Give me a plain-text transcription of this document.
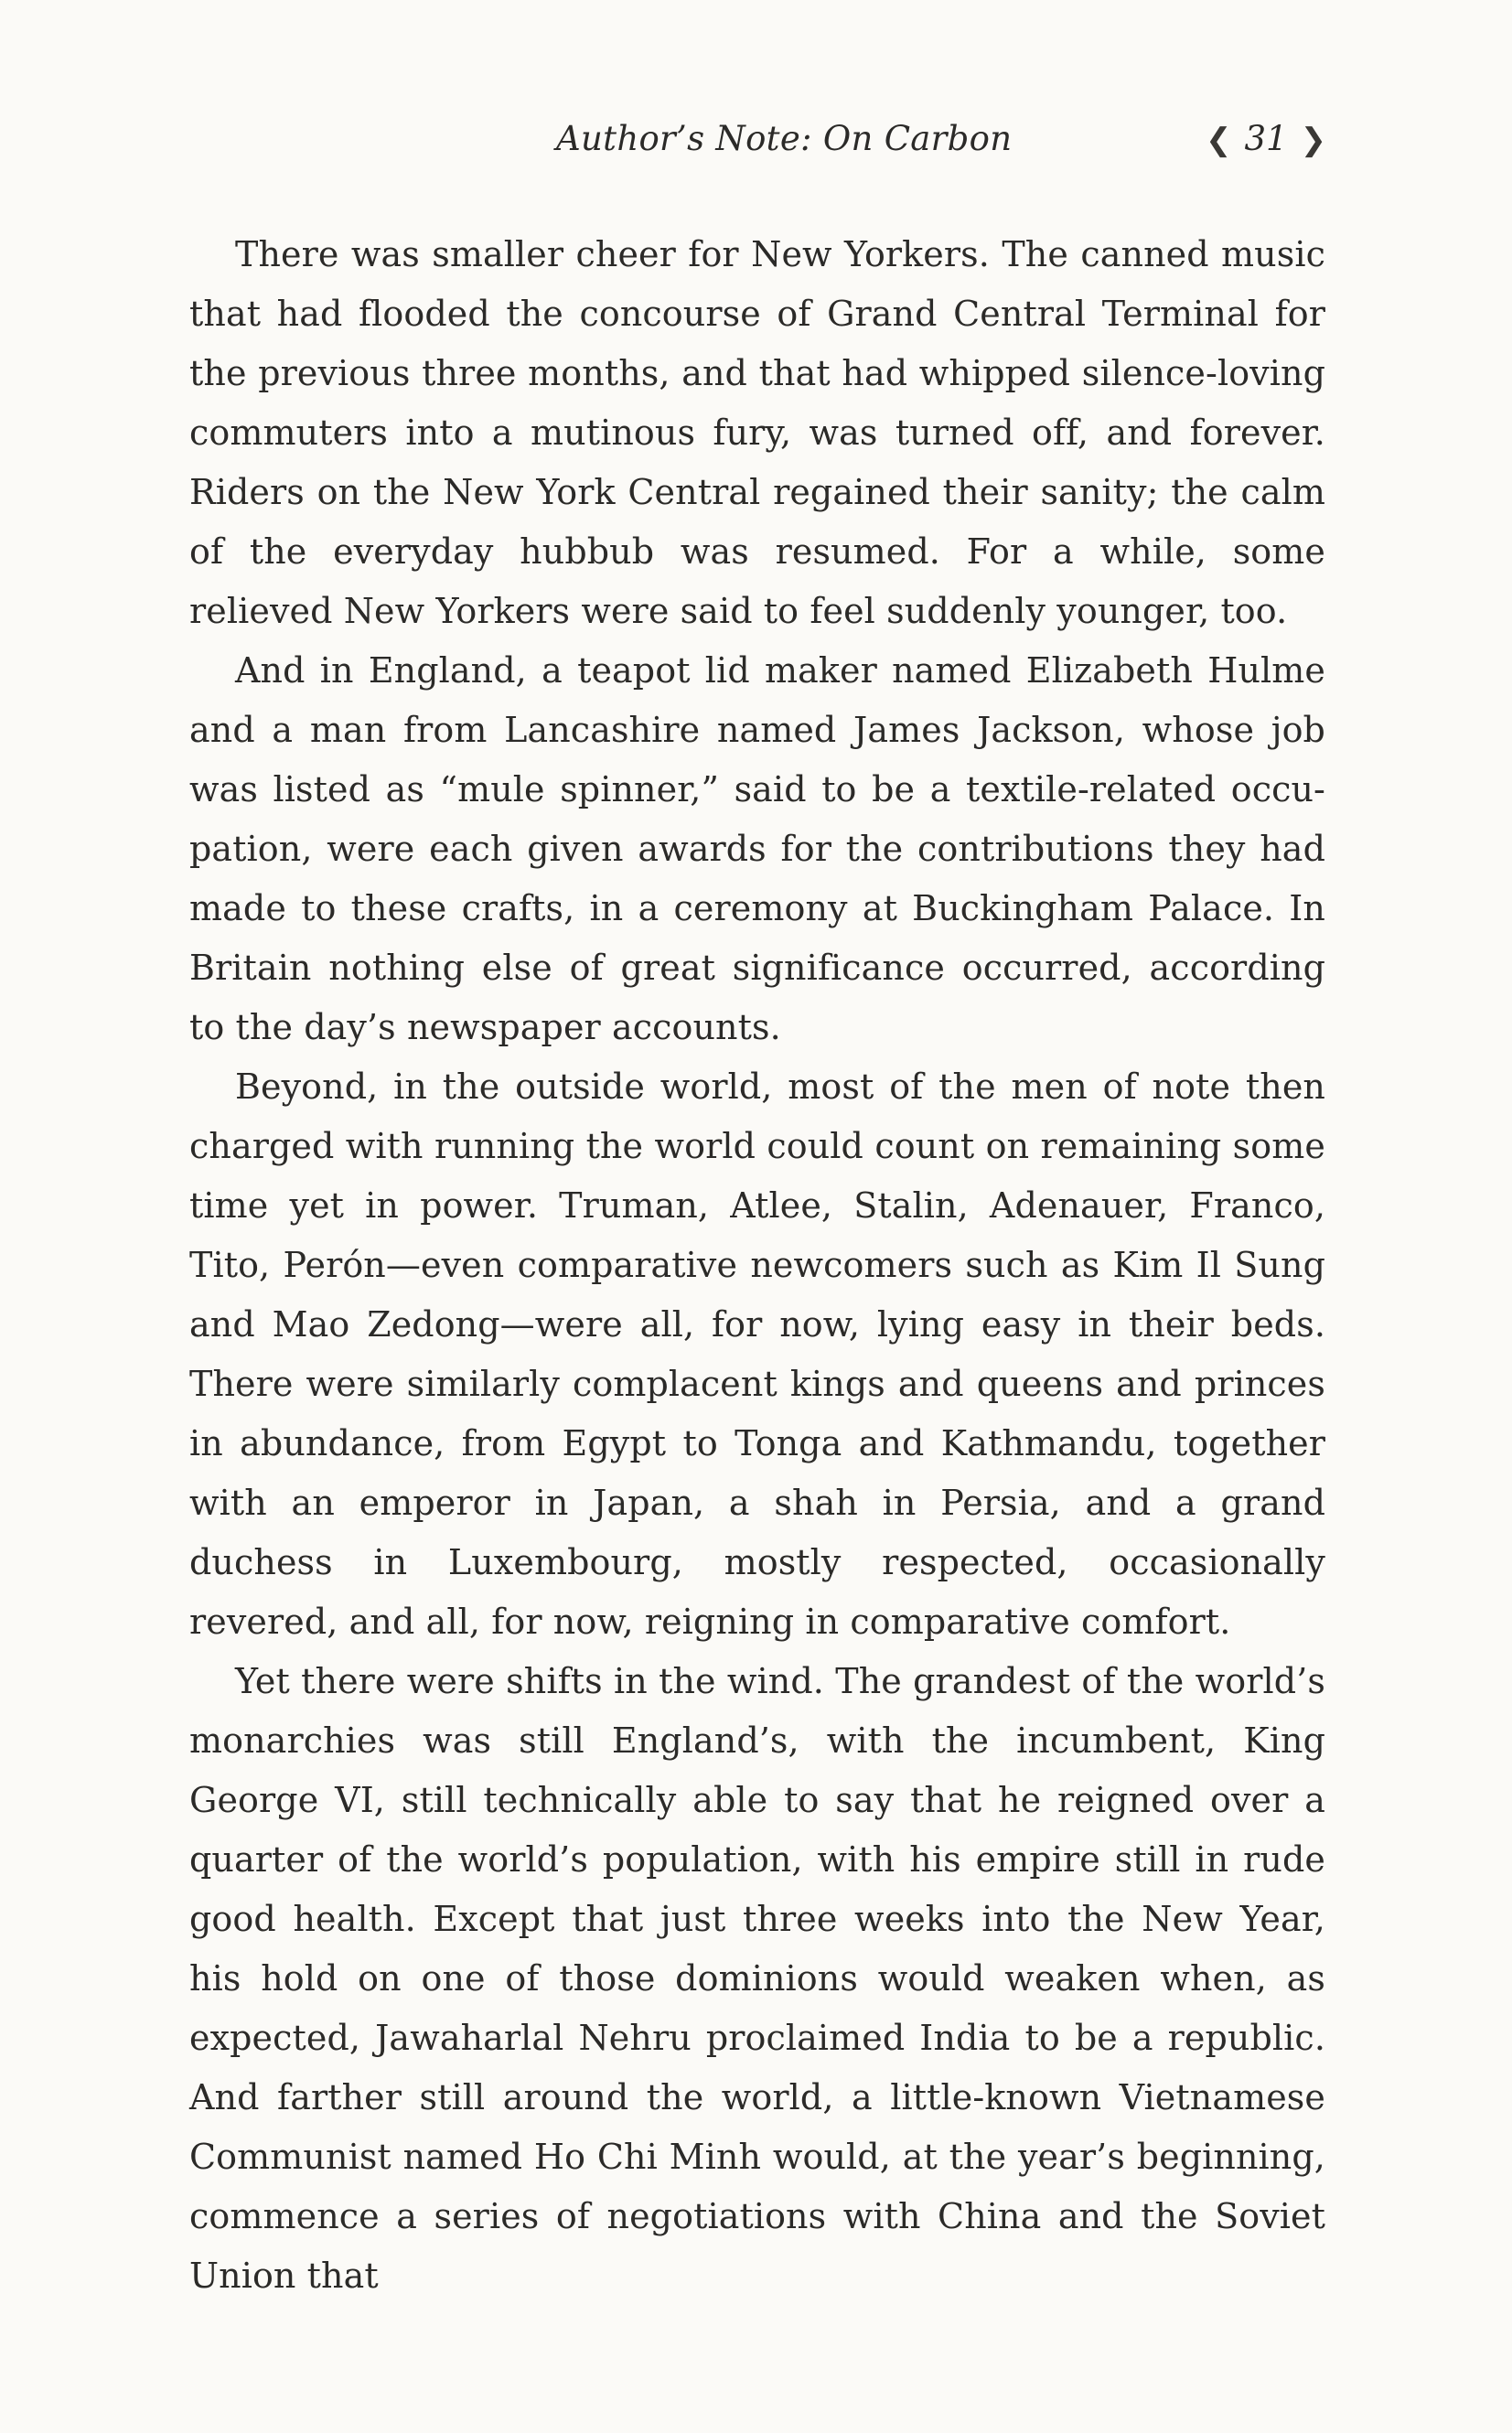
Author’s Note: On Carbon	❮ 31 ❯

There was smaller cheer for New Yorkers. The canned music that had flooded the concourse of Grand Central Terminal for the previous three months, and that had whipped silence-loving commuters into a mutinous fury, was turned off, and forever. Riders on the New York Central regained their sanity; the calm of the everyday hubbub was resumed. For a while, some relieved New Yorkers were said to feel suddenly younger, too.

And in England, a teapot lid maker named Elizabeth Hulme and a man from Lancashire named James Jackson, whose job was listed as “mule spinner,” said to be a textile-related occu- pation, were each given awards for the contributions they had made to these crafts, in a ceremony at Buckingham Palace. In Britain nothing else of great significance occurred, according to the day’s newspaper accounts.

Beyond, in the outside world, most of the men of note then charged with running the world could count on remaining some time yet in power. Truman, Atlee, Stalin, Adenauer, Franco, Tito, Perón—even comparative newcomers such as Kim Il Sung and Mao Zedong—were all, for now, lying easy in their beds. There were similarly complacent kings and queens and princes in abundance, from Egypt to Tonga and Kathmandu, together with an emperor in Japan, a shah in Persia, and a grand duchess in Luxembourg, mostly respected, occasionally revered, and all, for now, reigning in comparative comfort.

Yet there were shifts in the wind. The grandest of the world’s monarchies was still England’s, with the incumbent, King George VI, still technically able to say that he reigned over a quarter of the world’s population, with his empire still in rude good health. Except that just three weeks into the New Year, his hold on one of those dominions would weaken when, as expected, Jawaharlal Nehru proclaimed India to be a republic. And farther still around the world, a little-known Vietnamese Communist named Ho Chi Minh would, at the year’s beginning, commence a series of negotiations with China and the Soviet Union that
